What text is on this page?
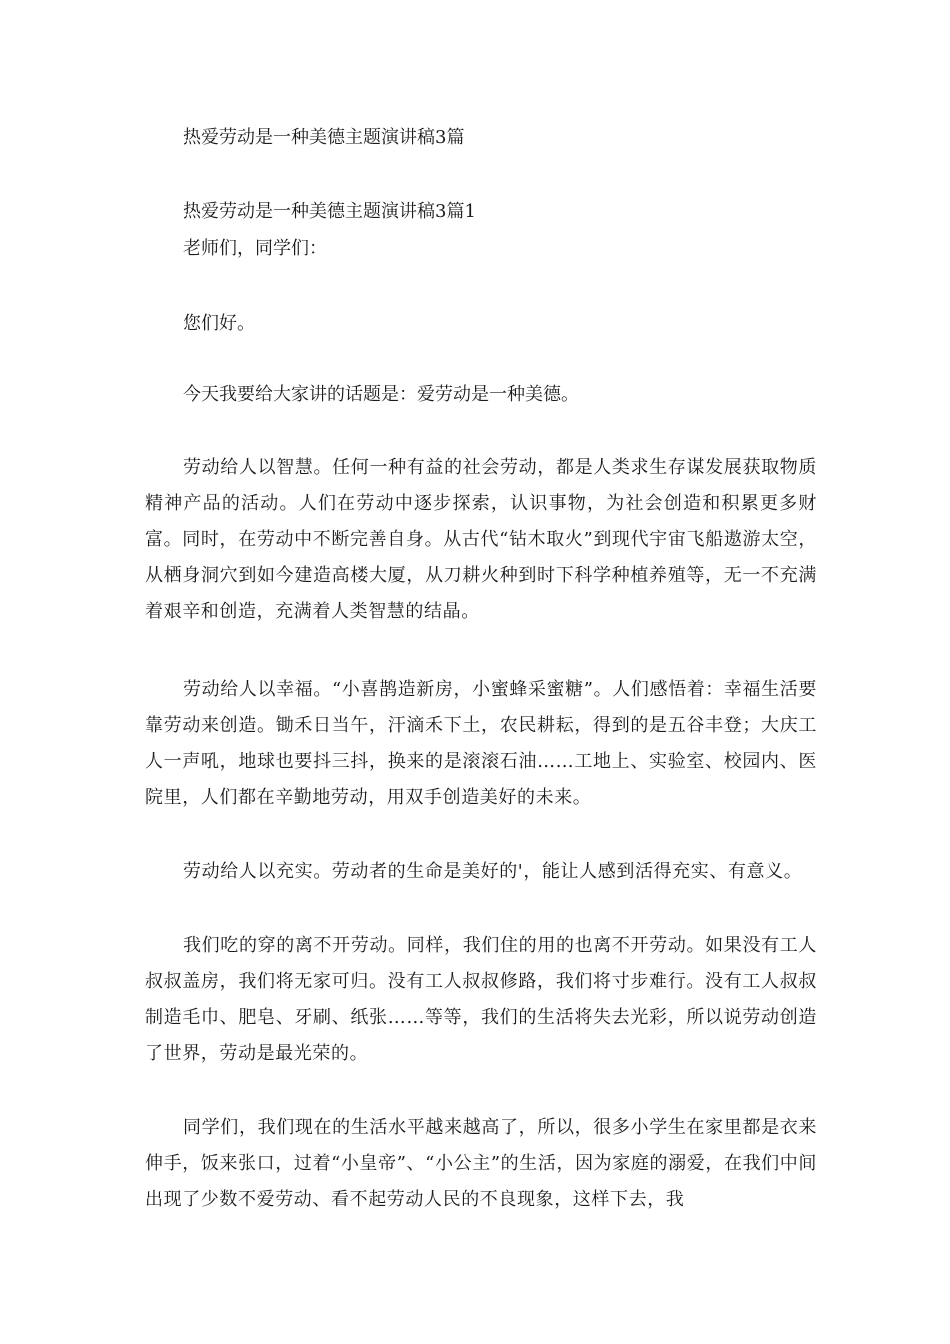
热爱劳动是一种美德主题演讲稿3篇
热爱劳动是一种美德主题演讲稿3篇1
老师们，同学们：
您们好。
今天我要给大家讲的话题是：爱劳动是一种美德。
劳动给人以智慧。任何一种有益的社会劳动，都是人类求生存谋发展获取物质精神产品的活动。人们在劳动中逐步探索，认识事物，为社会创造和积累更多财富。同时，在劳动中不断完善自身。从古代“钻木取火”到现代宇宙飞船遨游太空，从栖身洞穴到如今建造高楼大厦，从刀耕火种到时下科学种植养殖等，无一不充满着艰辛和创造，充满着人类智慧的结晶。
劳动给人以幸福。“小喜鹊造新房，小蜜蜂采蜜糖”。人们感悟着：幸福生活要靠劳动来创造。锄禾日当午，汗滴禾下土，农民耕耘，得到的是五谷丰登；大庆工人一声吼，地球也要抖三抖，换来的是滚滚石油……工地上、实验室、校园内、医院里，人们都在辛勤地劳动，用双手创造美好的未来。
劳动给人以充实。劳动者的生命是美好的'，能让人感到活得充实、有意义。
我们吃的穿的离不开劳动。同样，我们住的用的也离不开劳动。如果没有工人叔叔盖房，我们将无家可归。没有工人叔叔修路，我们将寸步难行。没有工人叔叔制造毛巾、肥皂、牙刷、纸张……等等，我们的生活将失去光彩，所以说劳动创造了世界，劳动是最光荣的。
同学们，我们现在的生活水平越来越高了，所以，很多小学生在家里都是衣来伸手，饭来张口，过着“小皇帝”、“小公主”的生活，因为家庭的溺爱，在我们中间出现了少数不爱劳动、看不起劳动人民的不良现象，这样下去，我
